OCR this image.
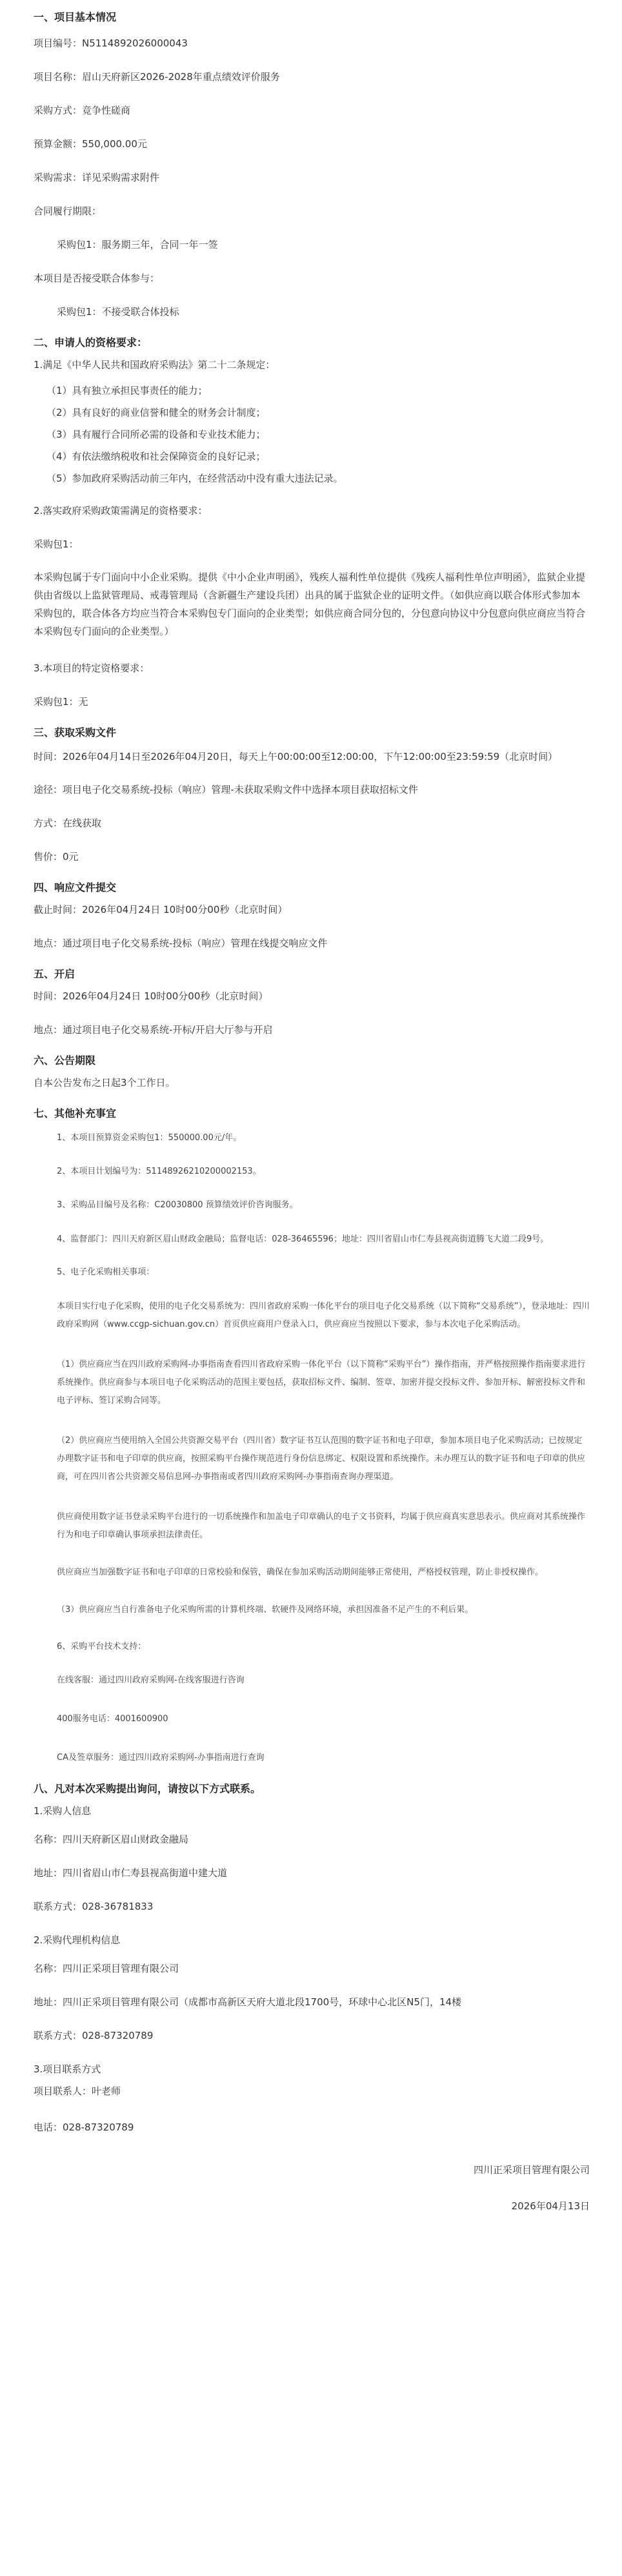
一、项目基本情况

项目编号：N5114892026000043

项目名称：眉山天府新区2026-2028年重点绩效评价服务

采购方式：竞争性磋商

预算金额：550,000.00元

采购需求：详见采购需求附件

合同履行期限：

采购包1：服务期三年，合同一年一签

本项目是否接受联合体参与：

采购包1：不接受联合体投标

二、申请人的资格要求：

1.满足《中华人民共和国政府采购法》第二十二条规定：

（1）具有独立承担民事责任的能力；

（2）具有良好的商业信誉和健全的财务会计制度；

（3）具有履行合同所必需的设备和专业技术能力；

（4）有依法缴纳税收和社会保障资金的良好记录；

（5）参加政府采购活动前三年内，在经营活动中没有重大违法记录。

2.落实政府采购政策需满足的资格要求：

采购包1：

本采购包属于专门面向中小企业采购。提供《中小企业声明函》，残疾人福利性单位提供《残疾人福利性单位声明函》，监狱企业提供由省级以上监狱管理局、戒毒管理局（含新疆生产建设兵团）出具的属于监狱企业的证明文件。（如供应商以联合体形式参加本采购包的，联合体各方均应当符合本采购包专门面向的企业类型；如供应商合同分包的，分包意向协议中分包意向供应商应当符合本采购包专门面向的企业类型。）

3.本项目的特定资格要求：

采购包1：无

三、获取采购文件

时间：2026年04月14日至2026年04月20日，每天上午00:00:00至12:00:00，下午12:00:00至23:59:59（北京时间）

途径：项目电子化交易系统-投标（响应）管理-未获取采购文件中选择本项目获取招标文件

方式：在线获取

售价：0元

四、响应文件提交

截止时间：2026年04月24日 10时00分00秒（北京时间）

地点：通过项目电子化交易系统-投标（响应）管理在线提交响应文件

五、开启

时间：2026年04月24日 10时00分00秒（北京时间）

地点：通过项目电子化交易系统-开标/开启大厅参与开启

六、公告期限

自本公告发布之日起3个工作日。

七、其他补充事宜

1、本项目预算资金采购包1：550000.00元/年。

2、本项目计划编号为：51148926210200002153。

3、采购品目编号及名称：C20030800 预算绩效评价咨询服务。

4、监督部门：四川天府新区眉山财政金融局；监督电话：028-36465596；地址：四川省眉山市仁寿县视高街道腾飞大道二段9号。

5、电子化采购相关事项：

本项目实行电子化采购，使用的电子化交易系统为：四川省政府采购一体化平台的项目电子化交易系统（以下简称“交易系统”），登录地址：四川政府采购网（www.ccgp-sichuan.gov.cn）首页供应商用户登录入口，供应商应当按照以下要求，参与本次电子化采购活动。

（1）供应商应当在四川政府采购网-办事指南查看四川省政府采购一体化平台（以下简称“采购平台”）操作指南，并严格按照操作指南要求进行系统操作。供应商参与本项目电子化采购活动的范围主要包括，获取招标文件、编制、签章、加密并提交投标文件、参加开标、解密投标文件和电子评标、签订采购合同等。

（2）供应商应当使用纳入全国公共资源交易平台（四川省）数字证书互认范围的数字证书和电子印章，参加本项目电子化采购活动；已按规定办理数字证书和电子印章的供应商，按照采购平台操作规范进行身份信息绑定、权限设置和系统操作。未办理互认的数字证书和电子印章的供应商，可在四川省公共资源交易信息网-办事指南或者四川政府采购网-办事指南查询办理渠道。

供应商使用数字证书登录采购平台进行的一切系统操作和加盖电子印章确认的电子文书资料，均属于供应商真实意思表示。供应商对其系统操作行为和电子印章确认事项承担法律责任。

供应商应当加强数字证书和电子印章的日常校验和保管，确保在参加采购活动期间能够正常使用，严格授权管理，防止非授权操作。

（3）供应商应当自行准备电子化采购所需的计算机终端、软硬件及网络环境，承担因准备不足产生的不利后果。

6、采购平台技术支持：

在线客服：通过四川政府采购网-在线客服进行咨询

400服务电话：4001600900

CA及签章服务：通过四川政府采购网-办事指南进行查询

八、凡对本次采购提出询问，请按以下方式联系。

1.采购人信息

名称：四川天府新区眉山财政金融局

地址：四川省眉山市仁寿县视高街道中建大道

联系方式：028-36781833

2.采购代理机构信息

名称：四川正采项目管理有限公司

地址：四川正采项目管理有限公司（成都市高新区天府大道北段1700号，环球中心北区N5门，14楼

联系方式：028-87320789

3.项目联系方式

项目联系人：叶老师

电话：028-87320789

四川正采项目管理有限公司

2026年04月13日
